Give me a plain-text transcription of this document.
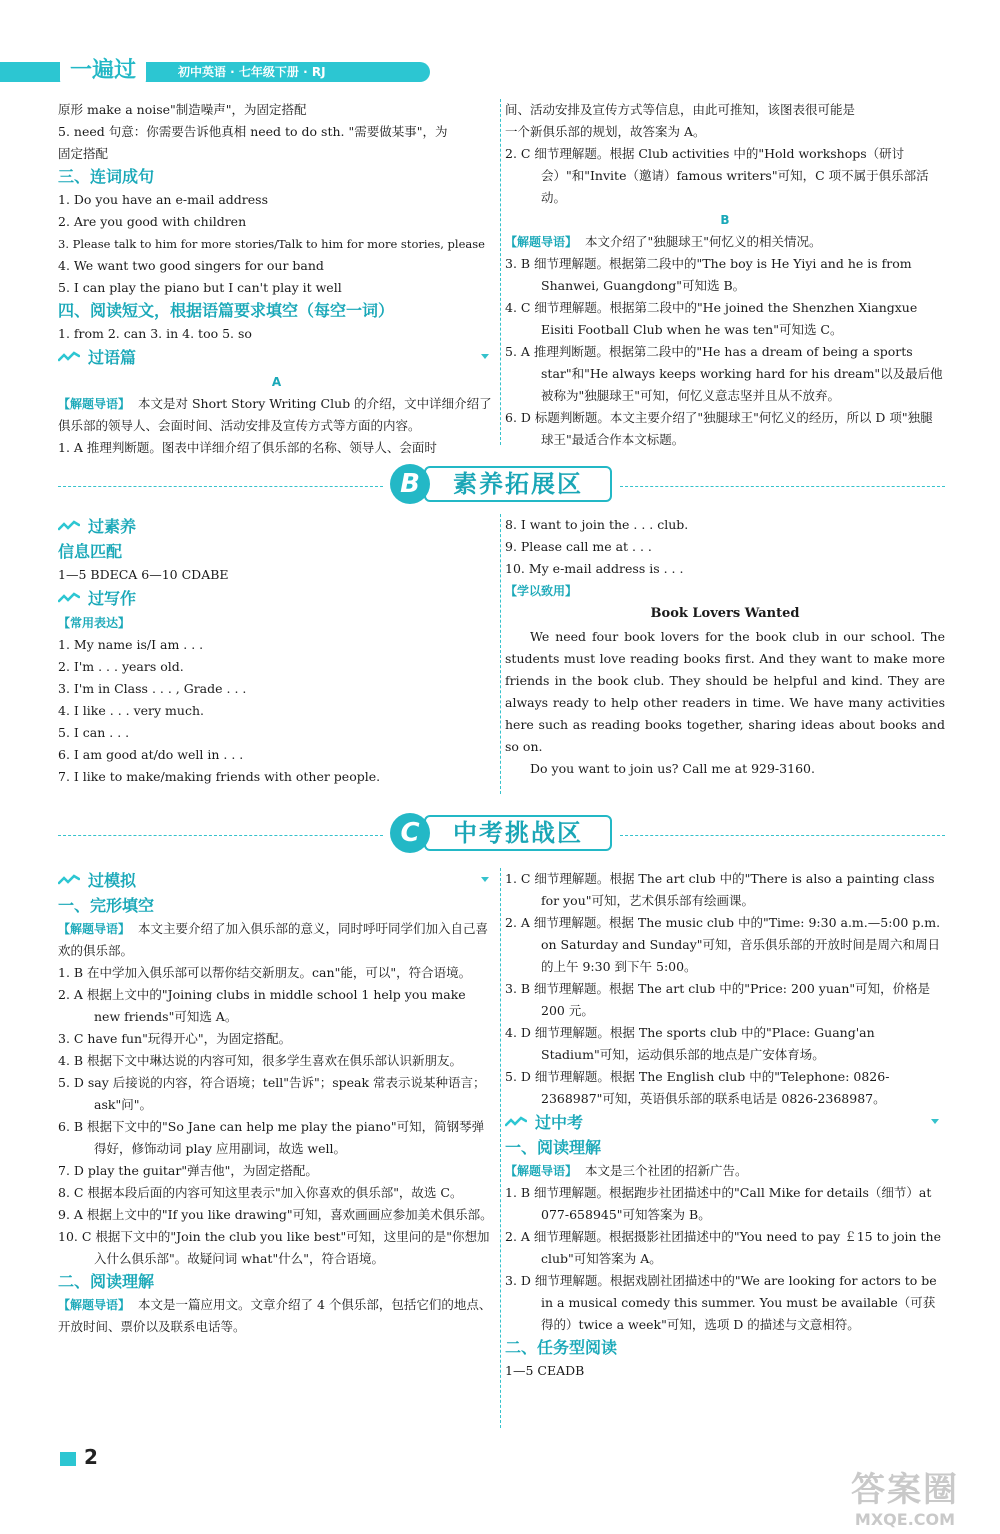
一遍过	初中英语 · 七年级下册 · RJ
原形 make a noise"制造噪声"，为固定搭配
5. need 句意：你需要告诉他真相 need to do sth. "需要做某事"，为
固定搭配
三、连词成句
1. Do you have an e-mail address
2. Are you good with children
3. Please talk to him for more stories/Talk to him for more stories, please
4. We want two good singers for our band
5. I can play the piano but I can't play it well
四、阅读短文，根据语篇要求填空（每空一词）
1. from 2. can 3. in 4. too 5. so
过语篇
A
【解题导语】 本文是对 Short Story Writing Club 的介绍，文中详细介绍了俱乐部的领导人、会面时间、活动安排及宣传方式等方面的内容。
1. A 推理判断题。图表中详细介绍了俱乐部的名称、领导人、会面时
间、活动安排及宣传方式等信息，由此可推知，该图表很可能是
一个新俱乐部的规划，故答案为 A。
2. C 细节理解题。根据 Club activities 中的"Hold workshops（研讨会）"和"Invite（邀请）famous writers"可知，C 项不属于俱乐部活动。
B
【解题导语】 本文介绍了"独腿球王"何忆义的相关情况。
3. B 细节理解题。根据第二段中的"The boy is He Yiyi and he is from Shanwei, Guangdong"可知选 B。
4. C 细节理解题。根据第二段中的"He joined the Shenzhen Xiangxue Eisiti Football Club when he was ten"可知选 C。
5. A 推理判断题。根据第二段中的"He has a dream of being a sports star"和"He always keeps working hard for his dream"以及最后他被称为"独腿球王"可知，何忆义意志坚并且从不放弃。
6. D 标题判断题。本文主要介绍了"独腿球王"何忆义的经历，所以 D 项"独腿球王"最适合作本文标题。
素养拓展区
B
过素养
信息匹配
1—5 BDECA 6—10 CDABE
过写作
【常用表达】
1. My name is/I am . . .
2. I'm . . . years old.
3. I'm in Class . . . , Grade . . .
4. I like . . . very much.
5. I can . . .
6. I am good at/do well in . . .
7. I like to make/making friends with other people.
8. I want to join the . . . club.
9. Please call me at . . .
10. My e-mail address is . . .
【学以致用】
Book Lovers Wanted
We need four book lovers for the book club in our school. The students must love reading books first. And they want to make more friends in the book club. They should be helpful and kind. They are always ready to help other readers in time. We have many activities here such as reading books together, sharing ideas about books and so on.
Do you want to join us? Call me at 929-3160.
中考挑战区
C
过模拟
一、完形填空
【解题导语】 本文主要介绍了加入俱乐部的意义，同时呼吁同学们加入自己喜欢的俱乐部。
1. B 在中学加入俱乐部可以帮你结交新朋友。can"能，可以"，符合语境。
2. A 根据上文中的"Joining clubs in middle school 1 help you make new friends"可知选 A。
3. C have fun"玩得开心"，为固定搭配。
4. B 根据下文中琳达说的内容可知，很多学生喜欢在俱乐部认识新朋友。
5. D say 后接说的内容，符合语境；tell"告诉"；speak 常表示说某种语言；ask"问"。
6. B 根据下文中的"So Jane can help me play the piano"可知，简钢琴弹得好，修饰动词 play 应用副词，故选 well。
7. D play the guitar"弹吉他"，为固定搭配。
8. C 根据本段后面的内容可知这里表示"加入你喜欢的俱乐部"，故选 C。
9. A 根据上文中的"If you like drawing"可知，喜欢画画应参加美术俱乐部。
10. C 根据下文中的"Join the club you like best"可知，这里问的是"你想加入什么俱乐部"。故疑问词 what"什么"，符合语境。
二、阅读理解
【解题导语】 本文是一篇应用文。文章介绍了 4 个俱乐部，包括它们的地点、开放时间、票价以及联系电话等。
1. C 细节理解题。根据 The art club 中的"There is also a painting class for you"可知，艺术俱乐部有绘画课。
2. A 细节理解题。根据 The music club 中的"Time: 9:30 a.m.—5:00 p.m. on Saturday and Sunday"可知，音乐俱乐部的开放时间是周六和周日的上午 9:30 到下午 5:00。
3. B 细节理解题。根据 The art club 中的"Price: 200 yuan"可知，价格是 200 元。
4. D 细节理解题。根据 The sports club 中的"Place: Guang'an Stadium"可知，运动俱乐部的地点是广安体育场。
5. D 细节理解题。根据 The English club 中的"Telephone: 0826-2368987"可知，英语俱乐部的联系电话是 0826-2368987。
过中考
一、阅读理解
【解题导语】 本文是三个社团的招新广告。
1. B 细节理解题。根据跑步社团描述中的"Call Mike for details（细节）at 077-658945"可知答案为 B。
2. A 细节理解题。根据摄影社团描述中的"You need to pay ￡15 to join the club"可知答案为 A。
3. D 细节理解题。根据戏剧社团描述中的"We are looking for actors to be in a musical comedy this summer. You must be available（可获得的）twice a week"可知，选项 D 的描述与文意相符。
二、任务型阅读
1—5 CEADB
2
答案圈
MXQE.COM
